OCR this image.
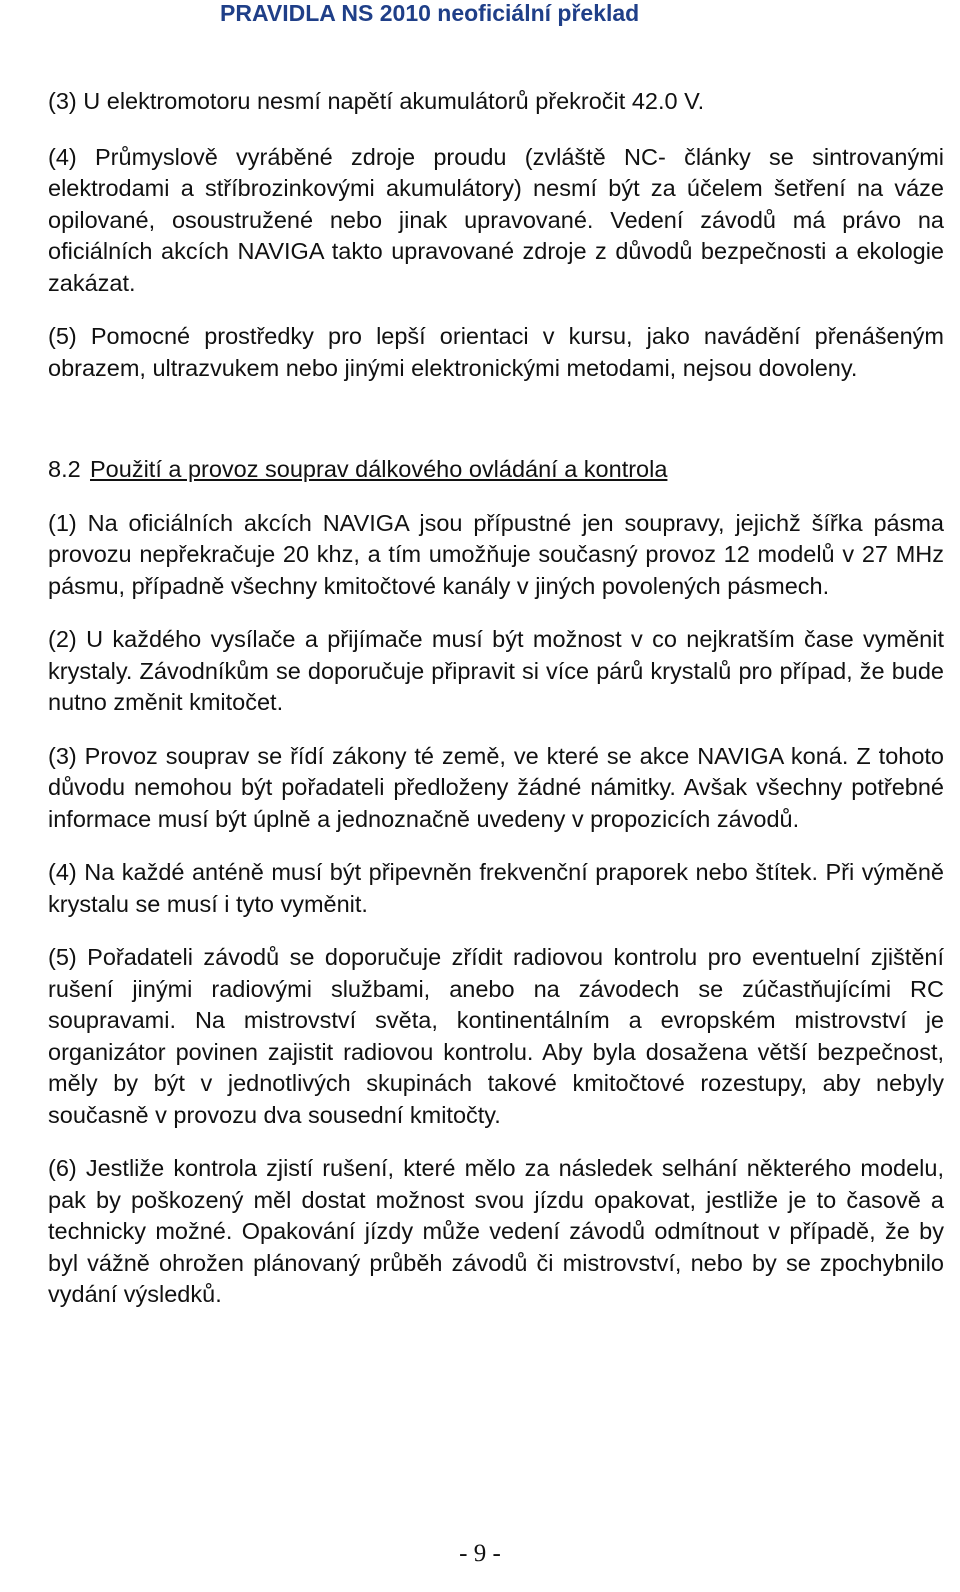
PRAVIDLA NS 2010 neoficiální překlad

(3) U elektromotoru nesmí napětí akumulátorů překročit 42.0 V.

(4) Průmyslově vyráběné zdroje proudu (zvláště NC- články se sintrovanými elektrodami a stříbrozinkovými akumulátory) nesmí být za účelem šetření na váze opilované, osoustružené nebo jinak upravované. Vedení závodů má právo na oficiálních akcích NAVIGA takto upravované zdroje z důvodů bezpečnosti a ekologie zakázat.

(5) Pomocné prostředky pro lepší orientaci v kursu, jako navádění přenášeným obrazem, ultrazvukem nebo jinými elektronickými metodami, nejsou dovoleny.

8.2 Použití a provoz souprav dálkového ovládání a kontrola

(1) Na oficiálních akcích NAVIGA jsou přípustné jen soupravy, jejichž šířka pásma provozu nepřekračuje 20 khz, a tím umožňuje současný provoz 12 modelů v 27 MHz pásmu, případně všechny kmitočtové kanály v jiných povolených pásmech.

(2) U každého vysílače a přijímače musí být možnost v co nejkratším čase vyměnit krystaly. Závodníkům se doporučuje připravit si více párů krystalů pro případ, že bude nutno změnit kmitočet.

(3) Provoz souprav se řídí zákony té země, ve které se akce NAVIGA koná. Z tohoto důvodu nemohou být pořadateli předloženy žádné námitky. Avšak všechny potřebné informace musí být úplně a jednoznačně uvedeny v propozicích závodů.

(4) Na každé anténě musí být připevněn frekvenční praporek nebo štítek. Při výměně krystalu se musí i tyto vyměnit.

(5) Pořadateli závodů se doporučuje zřídit radiovou kontrolu pro eventuelní zjištění rušení jinými radiovými službami, anebo na závodech se zúčastňujícími RC soupravami. Na mistrovství světa, kontinentálním a evropském mistrovství je organizátor povinen zajistit radiovou kontrolu. Aby byla dosažena větší bezpečnost, měly by být v jednotlivých skupinách takové kmitočtové rozestupy, aby nebyly současně v provozu dva sousední kmitočty.

(6) Jestliže kontrola zjistí rušení, které mělo za následek selhání některého modelu, pak by poškozený měl dostat možnost svou jízdu opakovat, jestliže je to časově a technicky možné. Opakování jízdy může vedení závodů odmítnout v případě, že by byl vážně ohrožen plánovaný průběh závodů či mistrovství, nebo by se zpochybnilo vydání výsledků.

- 9 -
